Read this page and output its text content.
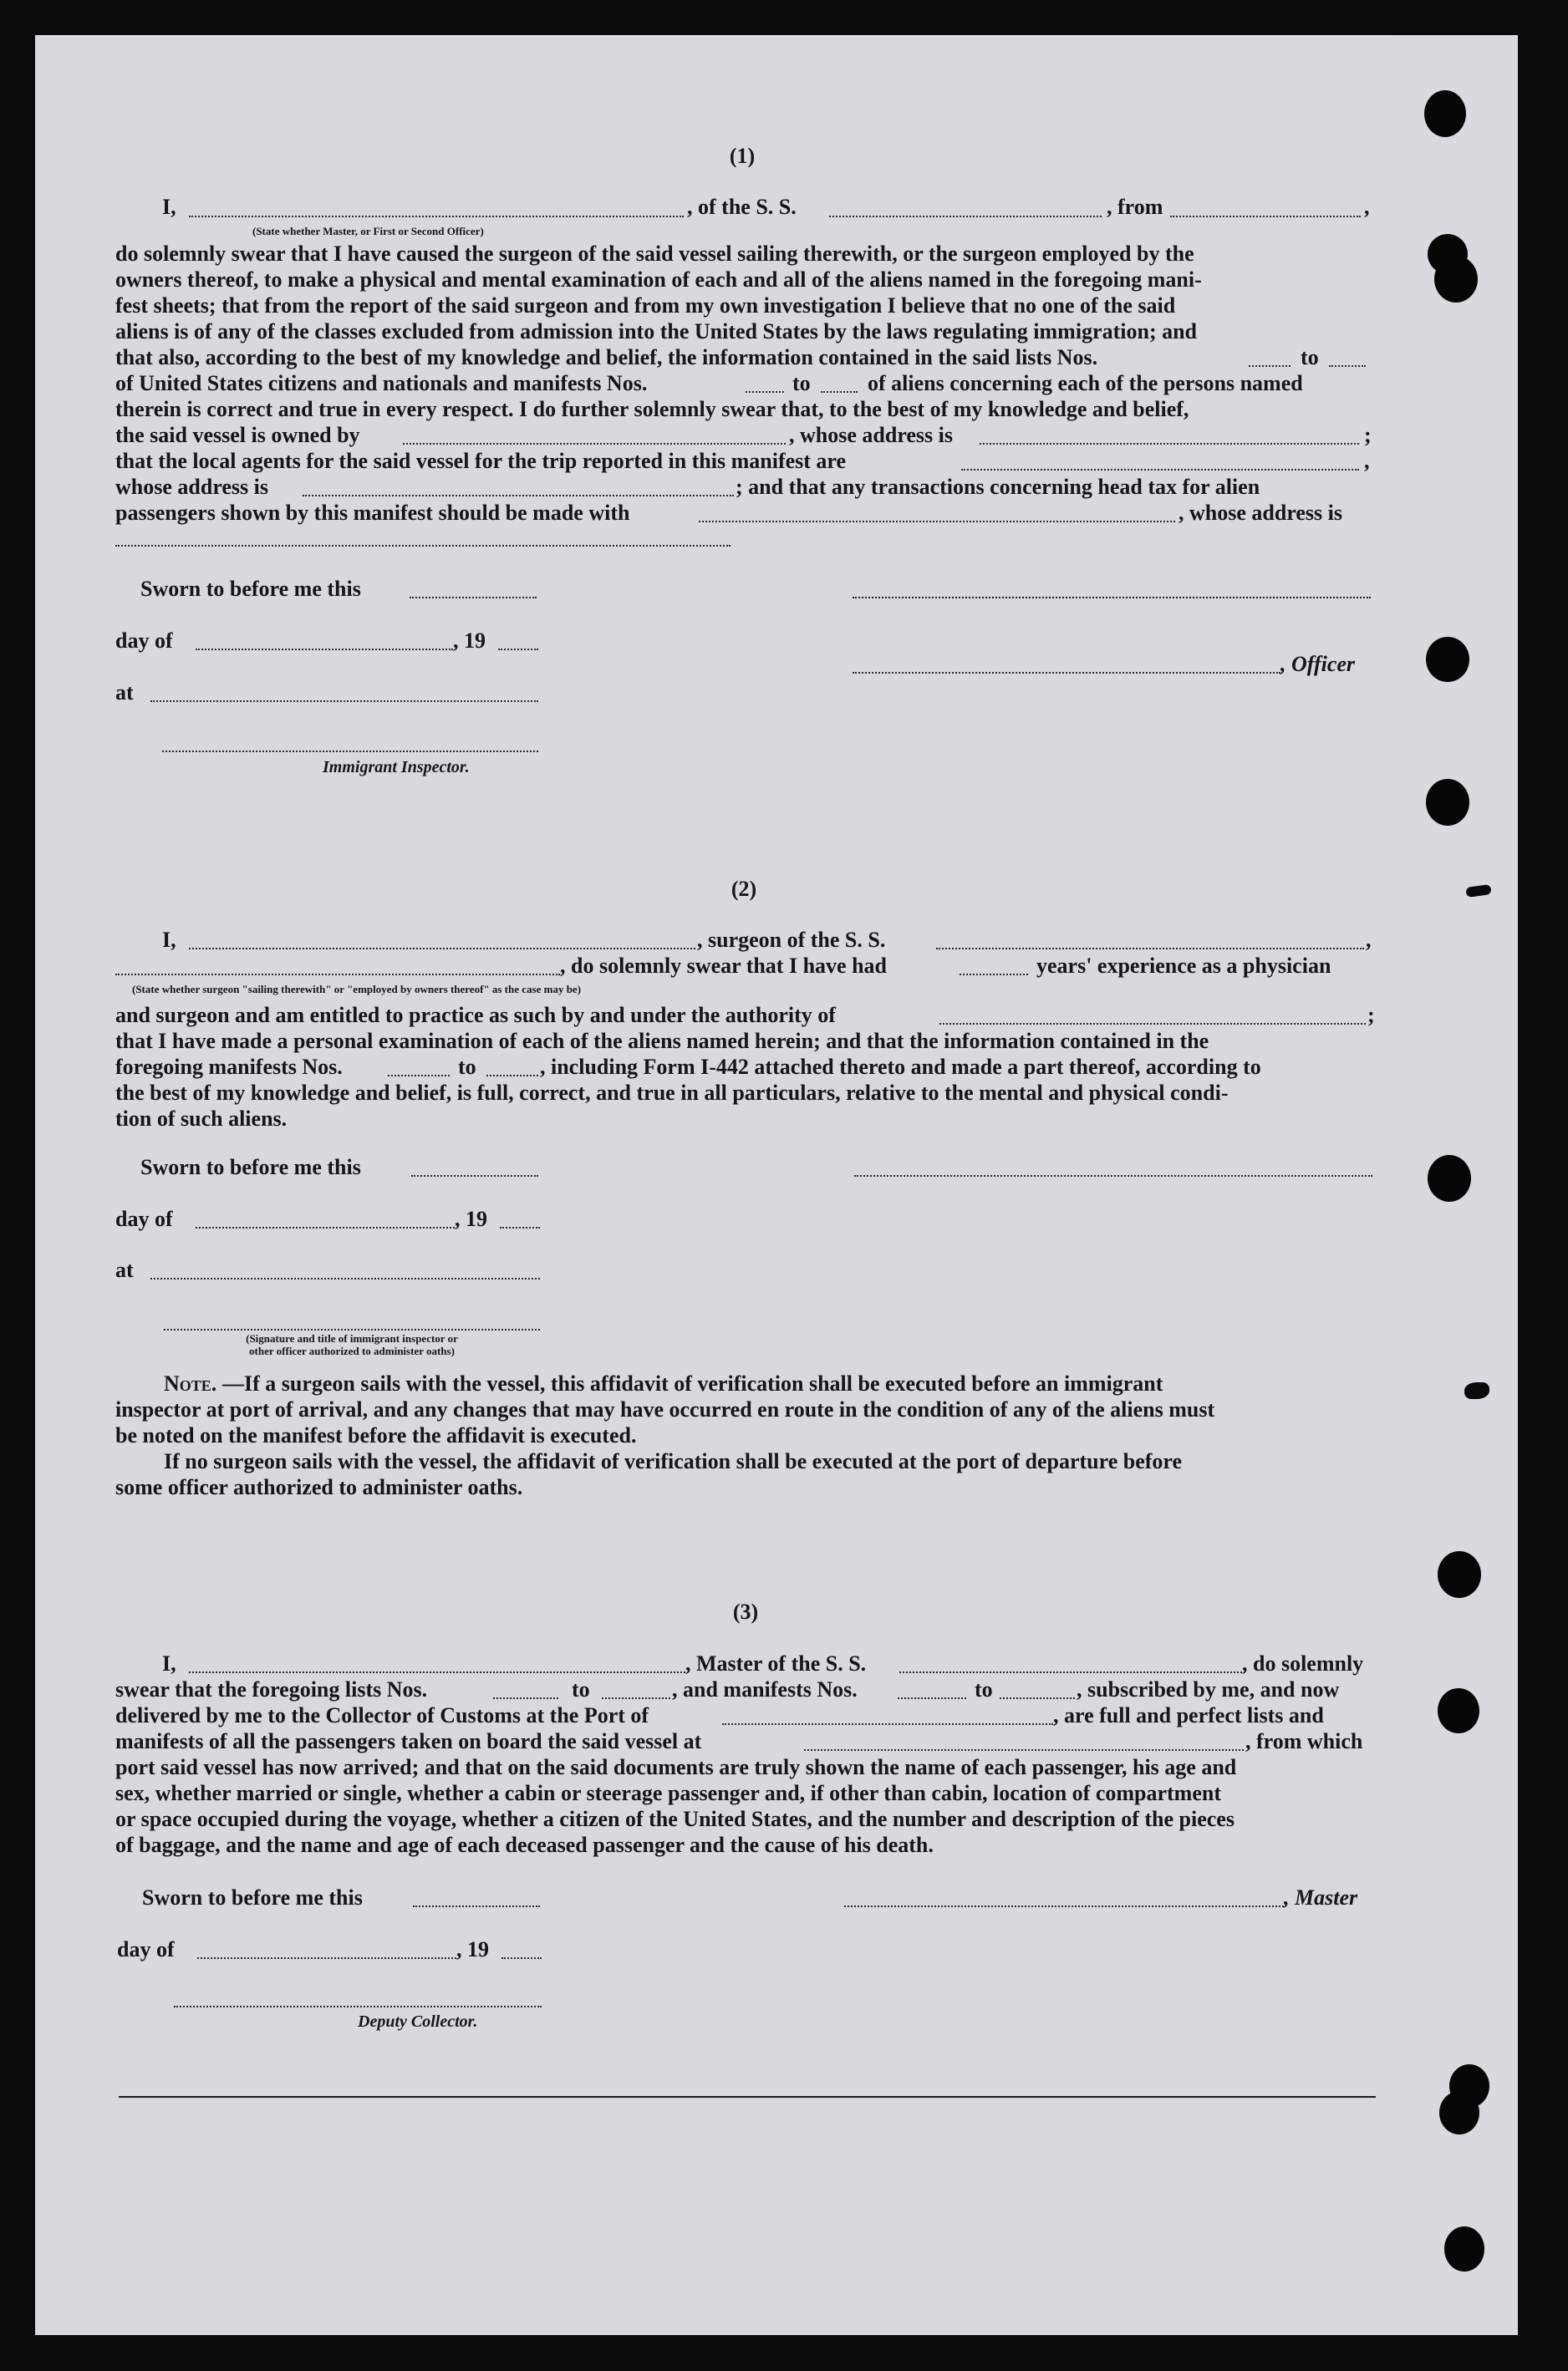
(1)
I,	, of the S. S.	, from	,
(State whether Master, or First or Second Officer)
do solemnly swear that I have caused the surgeon of the said vessel sailing therewith, or the surgeon employed by the
owners thereof, to make a physical and mental examination of each and all of the aliens named in the foregoing mani-
fest sheets; that from the report of the said surgeon and from my own investigation I believe that no one of the said
aliens is of any of the classes excluded from admission into the United States by the laws regulating immigration; and
that also, according to the best of my knowledge and belief, the information contained in the said lists Nos.	to
of United States citizens and nationals and manifests Nos.	to	of aliens concerning each of the persons named
therein is correct and true in every respect. I do further solemnly swear that, to the best of my knowledge and belief,
the said vessel is owned by	, whose address is	;
that the local agents for the said vessel for the trip reported in this manifest are	,
whose address is	; and that any transactions concerning head tax for alien
passengers shown by this manifest should be made with	, whose address is
Sworn to before me this
day of	, 19
, Officer
at
Immigrant Inspector.
(2)
I,	, surgeon of the S. S.	,
, do solemnly swear that I have had	years' experience as a physician
(State whether surgeon "sailing therewith" or "employed by owners thereof" as the case may be)
and surgeon and am entitled to practice as such by and under the authority of	;
that I have made a personal examination of each of the aliens named herein; and that the information contained in the
foregoing manifests Nos.	to	, including Form I-442 attached thereto and made a part thereof, according to
the best of my knowledge and belief, is full, correct, and true in all particulars, relative to the mental and physical condi-
tion of such aliens.
Sworn to before me this
day of	, 19
at
(Signature and title of immigrant inspector or
other officer authorized to administer oaths)
Note. —If a surgeon sails with the vessel, this affidavit of verification shall be executed before an immigrant
inspector at port of arrival, and any changes that may have occurred en route in the condition of any of the aliens must
be noted on the manifest before the affidavit is executed.
If no surgeon sails with the vessel, the affidavit of verification shall be executed at the port of departure before
some officer authorized to administer oaths.
(3)
I,	, Master of the S. S.	, do solemnly
swear that the foregoing lists Nos.	to	, and manifests Nos.	to	, subscribed by me, and now
delivered by me to the Collector of Customs at the Port of	, are full and perfect lists and
manifests of all the passengers taken on board the said vessel at	, from which
port said vessel has now arrived; and that on the said documents are truly shown the name of each passenger, his age and
sex, whether married or single, whether a cabin or steerage passenger and, if other than cabin, location of compartment
or space occupied during the voyage, whether a citizen of the United States, and the number and description of the pieces
of baggage, and the name and age of each deceased passenger and the cause of his death.
Sworn to before me this	, Master
day of	, 19
Deputy Collector.
